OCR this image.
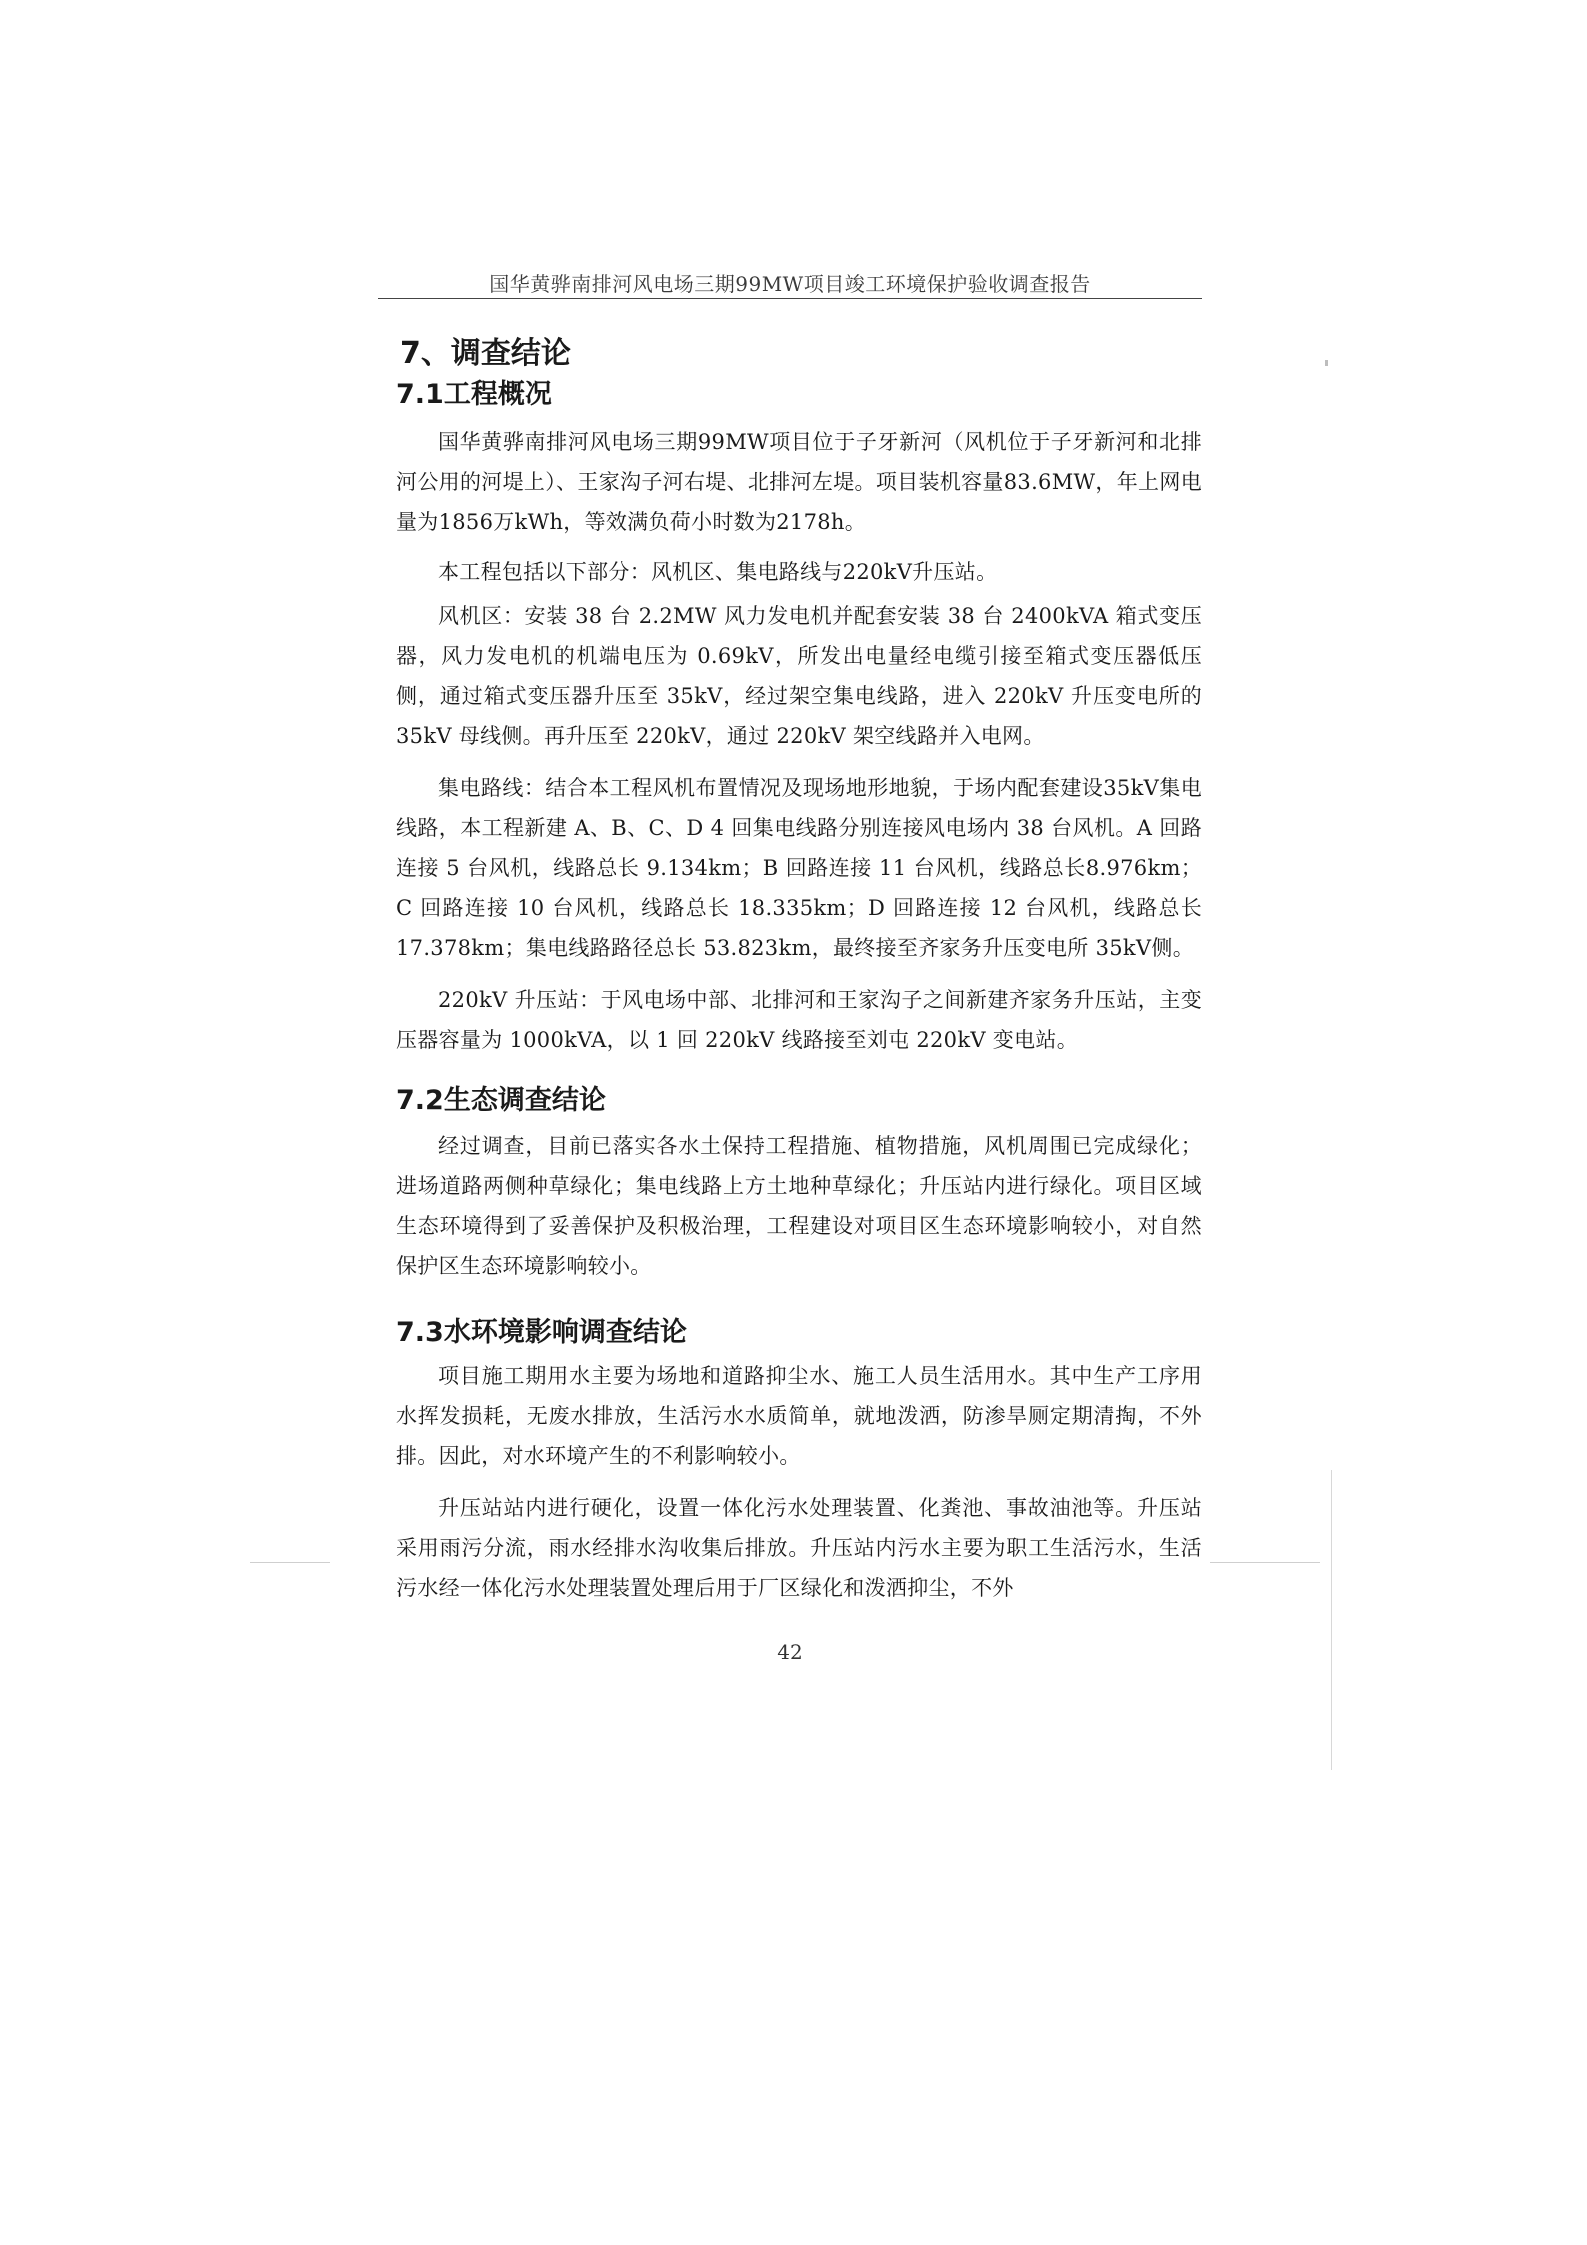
国华黄骅南排河风电场三期99MW项目竣工环境保护验收调查报告
7、调查结论
7.1工程概况

国华黄骅南排河风电场三期99MW项目位于子牙新河（风机位于子牙新河和北排河公用的河堤上）、王家沟子河右堤、北排河左堤。项目装机容量83.6MW，年上网电量为1856万kWh，等效满负荷小时数为2178h。

本工程包括以下部分：风机区、集电路线与220kV升压站。

风机区：安装 38 台 2.2MW 风力发电机并配套安装 38 台 2400kVA 箱式变压器，风力发电机的机端电压为 0.69kV，所发出电量经电缆引接至箱式变压器低压侧，通过箱式变压器升压至 35kV，经过架空集电线路，进入 220kV 升压变电所的35kV 母线侧。再升压至 220kV，通过 220kV 架空线路并入电网。

集电路线：结合本工程风机布置情况及现场地形地貌，于场内配套建设35kV集电线路，本工程新建 A、B、C、D 4 回集电线路分别连接风电场内 38 台风机。A 回路连接 5 台风机，线路总长 9.134km；B 回路连接 11 台风机，线路总长8.976km；C 回路连接 10 台风机，线路总长 18.335km；D 回路连接 12 台风机，线路总长 17.378km；集电线路路径总长 53.823km，最终接至齐家务升压变电所 35kV侧。

220kV 升压站：于风电场中部、北排河和王家沟子之间新建齐家务升压站，主变压器容量为 1000kVA，以 1 回 220kV 线路接至刘屯 220kV 变电站。

7.2生态调查结论

经过调查，目前已落实各水土保持工程措施、植物措施，风机周围已完成绿化；进场道路两侧种草绿化；集电线路上方土地种草绿化；升压站内进行绿化。项目区域生态环境得到了妥善保护及积极治理，工程建设对项目区生态环境影响较小，对自然保护区生态环境影响较小。

7.3水环境影响调查结论

项目施工期用水主要为场地和道路抑尘水、施工人员生活用水。其中生产工序用水挥发损耗，无废水排放，生活污水水质简单，就地泼洒，防渗旱厕定期清掏，不外排。因此，对水环境产生的不利影响较小。

升压站站内进行硬化，设置一体化污水处理装置、化粪池、事故油池等。升压站采用雨污分流，雨水经排水沟收集后排放。升压站内污水主要为职工生活污水，生活污水经一体化污水处理装置处理后用于厂区绿化和泼洒抑尘，不外

42
